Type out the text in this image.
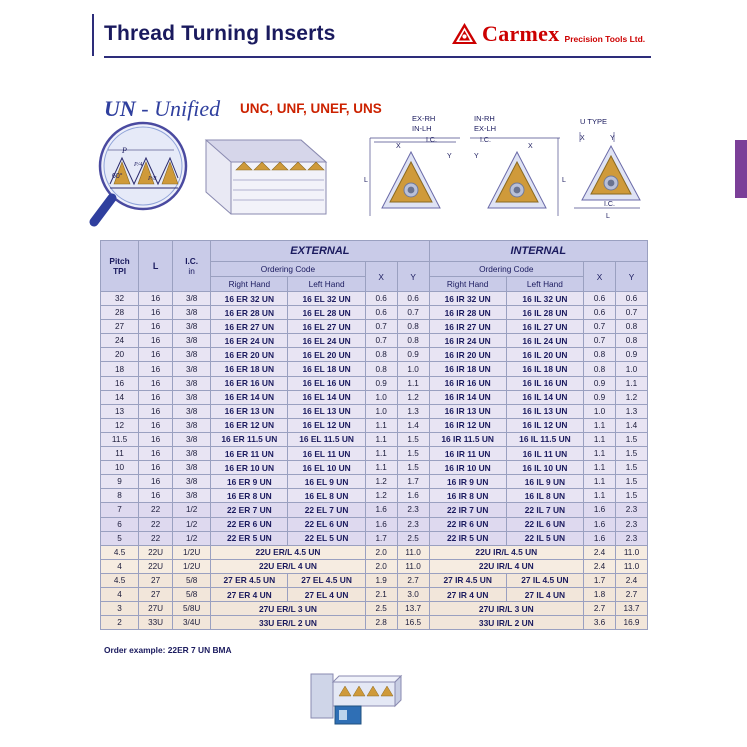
Thread Turning Inserts	Carmex Precision Tools Ltd.
UN - Unified UNC, UNF, UNEF, UNS
P
P/4
P/8
60°
EX-RH
IN-LH
IN-RH
EX-LH
U TYPE
X
Y
L
I.C.
X
Y
L
I.C.	X	Y
I.C.
L
Pitch
TPI	L	I.C.
in
	EXTERNAL	INTERNAL
			Ordering Code		X	Y	Ordering Code		X	Y
			Right Hand	Left Hand			Right Hand	Left Hand		
32	16	3/8	16 ER 32 UN	16 EL 32 UN	0.6	0.6	16 IR 32 UN	16 IL 32 UN	0.6	0.6
28	16	3/8	16 ER 28 UN	16 EL 28 UN	0.6	0.7	16 IR 28 UN	16 IL 28 UN	0.6	0.7
27	16	3/8	16 ER 27 UN	16 EL 27 UN	0.7	0.8	16 IR 27 UN	16 IL 27 UN	0.7	0.8
24	16	3/8	16 ER 24 UN	16 EL 24 UN	0.7	0.8	16 IR 24 UN	16 IL 24 UN	0.7	0.8
20	16	3/8	16 ER 20 UN	16 EL 20 UN	0.8	0.9	16 IR 20 UN	16 IL 20 UN	0.8	0.9
18	16	3/8	16 ER 18 UN	16 EL 18 UN	0.8	1.0	16 IR 18 UN	16 IL 18 UN	0.8	1.0
16	16	3/8	16 ER 16 UN	16 EL 16 UN	0.9	1.1	16 IR 16 UN	16 IL 16 UN	0.9	1.1
14	16	3/8	16 ER 14 UN	16 EL 14 UN	1.0	1.2	16 IR 14 UN	16 IL 14 UN	0.9	1.2
13	16	3/8	16 ER 13 UN	16 EL 13 UN	1.0	1.3	16 IR 13 UN	16 IL 13 UN	1.0	1.3
12	16	3/8	16 ER 12 UN	16 EL 12 UN	1.1	1.4	16 IR 12 UN	16 IL 12 UN	1.1	1.4
11.5	16	3/8	16 ER 11.5 UN	16 EL 11.5 UN	1.1	1.5	16 IR 11.5 UN	16 IL 11.5 UN	1.1	1.5
11	16	3/8	16 ER 11 UN	16 EL 11 UN	1.1	1.5	16 IR 11 UN	16 IL 11 UN	1.1	1.5
10	16	3/8	16 ER 10 UN	16 EL 10 UN	1.1	1.5	16 IR 10 UN	16 IL 10 UN	1.1	1.5
9	16	3/8	16 ER 9 UN	16 EL 9 UN	1.2	1.7	16 IR 9 UN	16 IL 9 UN	1.1	1.5
8	16	3/8	16 ER 8 UN	16 EL 8 UN	1.2	1.6	16 IR 8 UN	16 IL 8 UN	1.1	1.5
7	22	1/2	22 ER 7 UN	22 EL 7 UN	1.6	2.3	22 IR 7 UN	22 IL 7 UN	1.6	2.3
6	22	1/2	22 ER 6 UN	22 EL 6 UN	1.6	2.3	22 IR 6 UN	22 IL 6 UN	1.6	2.3
5	22	1/2	22 ER 5 UN	22 EL 5 UN	1.7	2.5	22 IR 5 UN	22 IL 5 UN	1.6	2.3
4.5	22U	1/2U	22U ER/L 4.5 UN		2.0	11.0	22U IR/L 4.5 UN		2.4	11.0
4	22U	1/2U	22U ER/L 4 UN		2.0	11.0	22U IR/L 4 UN		2.4	11.0
4.5	27	5/8	27 ER 4.5 UN	27 EL 4.5 UN	1.9	2.7	27 IR 4.5 UN	27 IL 4.5 UN	1.7	2.4
4	27	5/8	27 ER 4 UN	27 EL 4 UN	2.1	3.0	27 IR 4 UN	27 IL 4 UN	1.8	2.7
3	27U	5/8U	27U ER/L 3 UN		2.5	13.7	27U IR/L 3 UN		2.7	13.7
2	33U	3/4U	33U ER/L 2 UN		2.8	16.5	33U IR/L 2 UN		3.6	16.9
Order example: 22ER 7 UN BMA
